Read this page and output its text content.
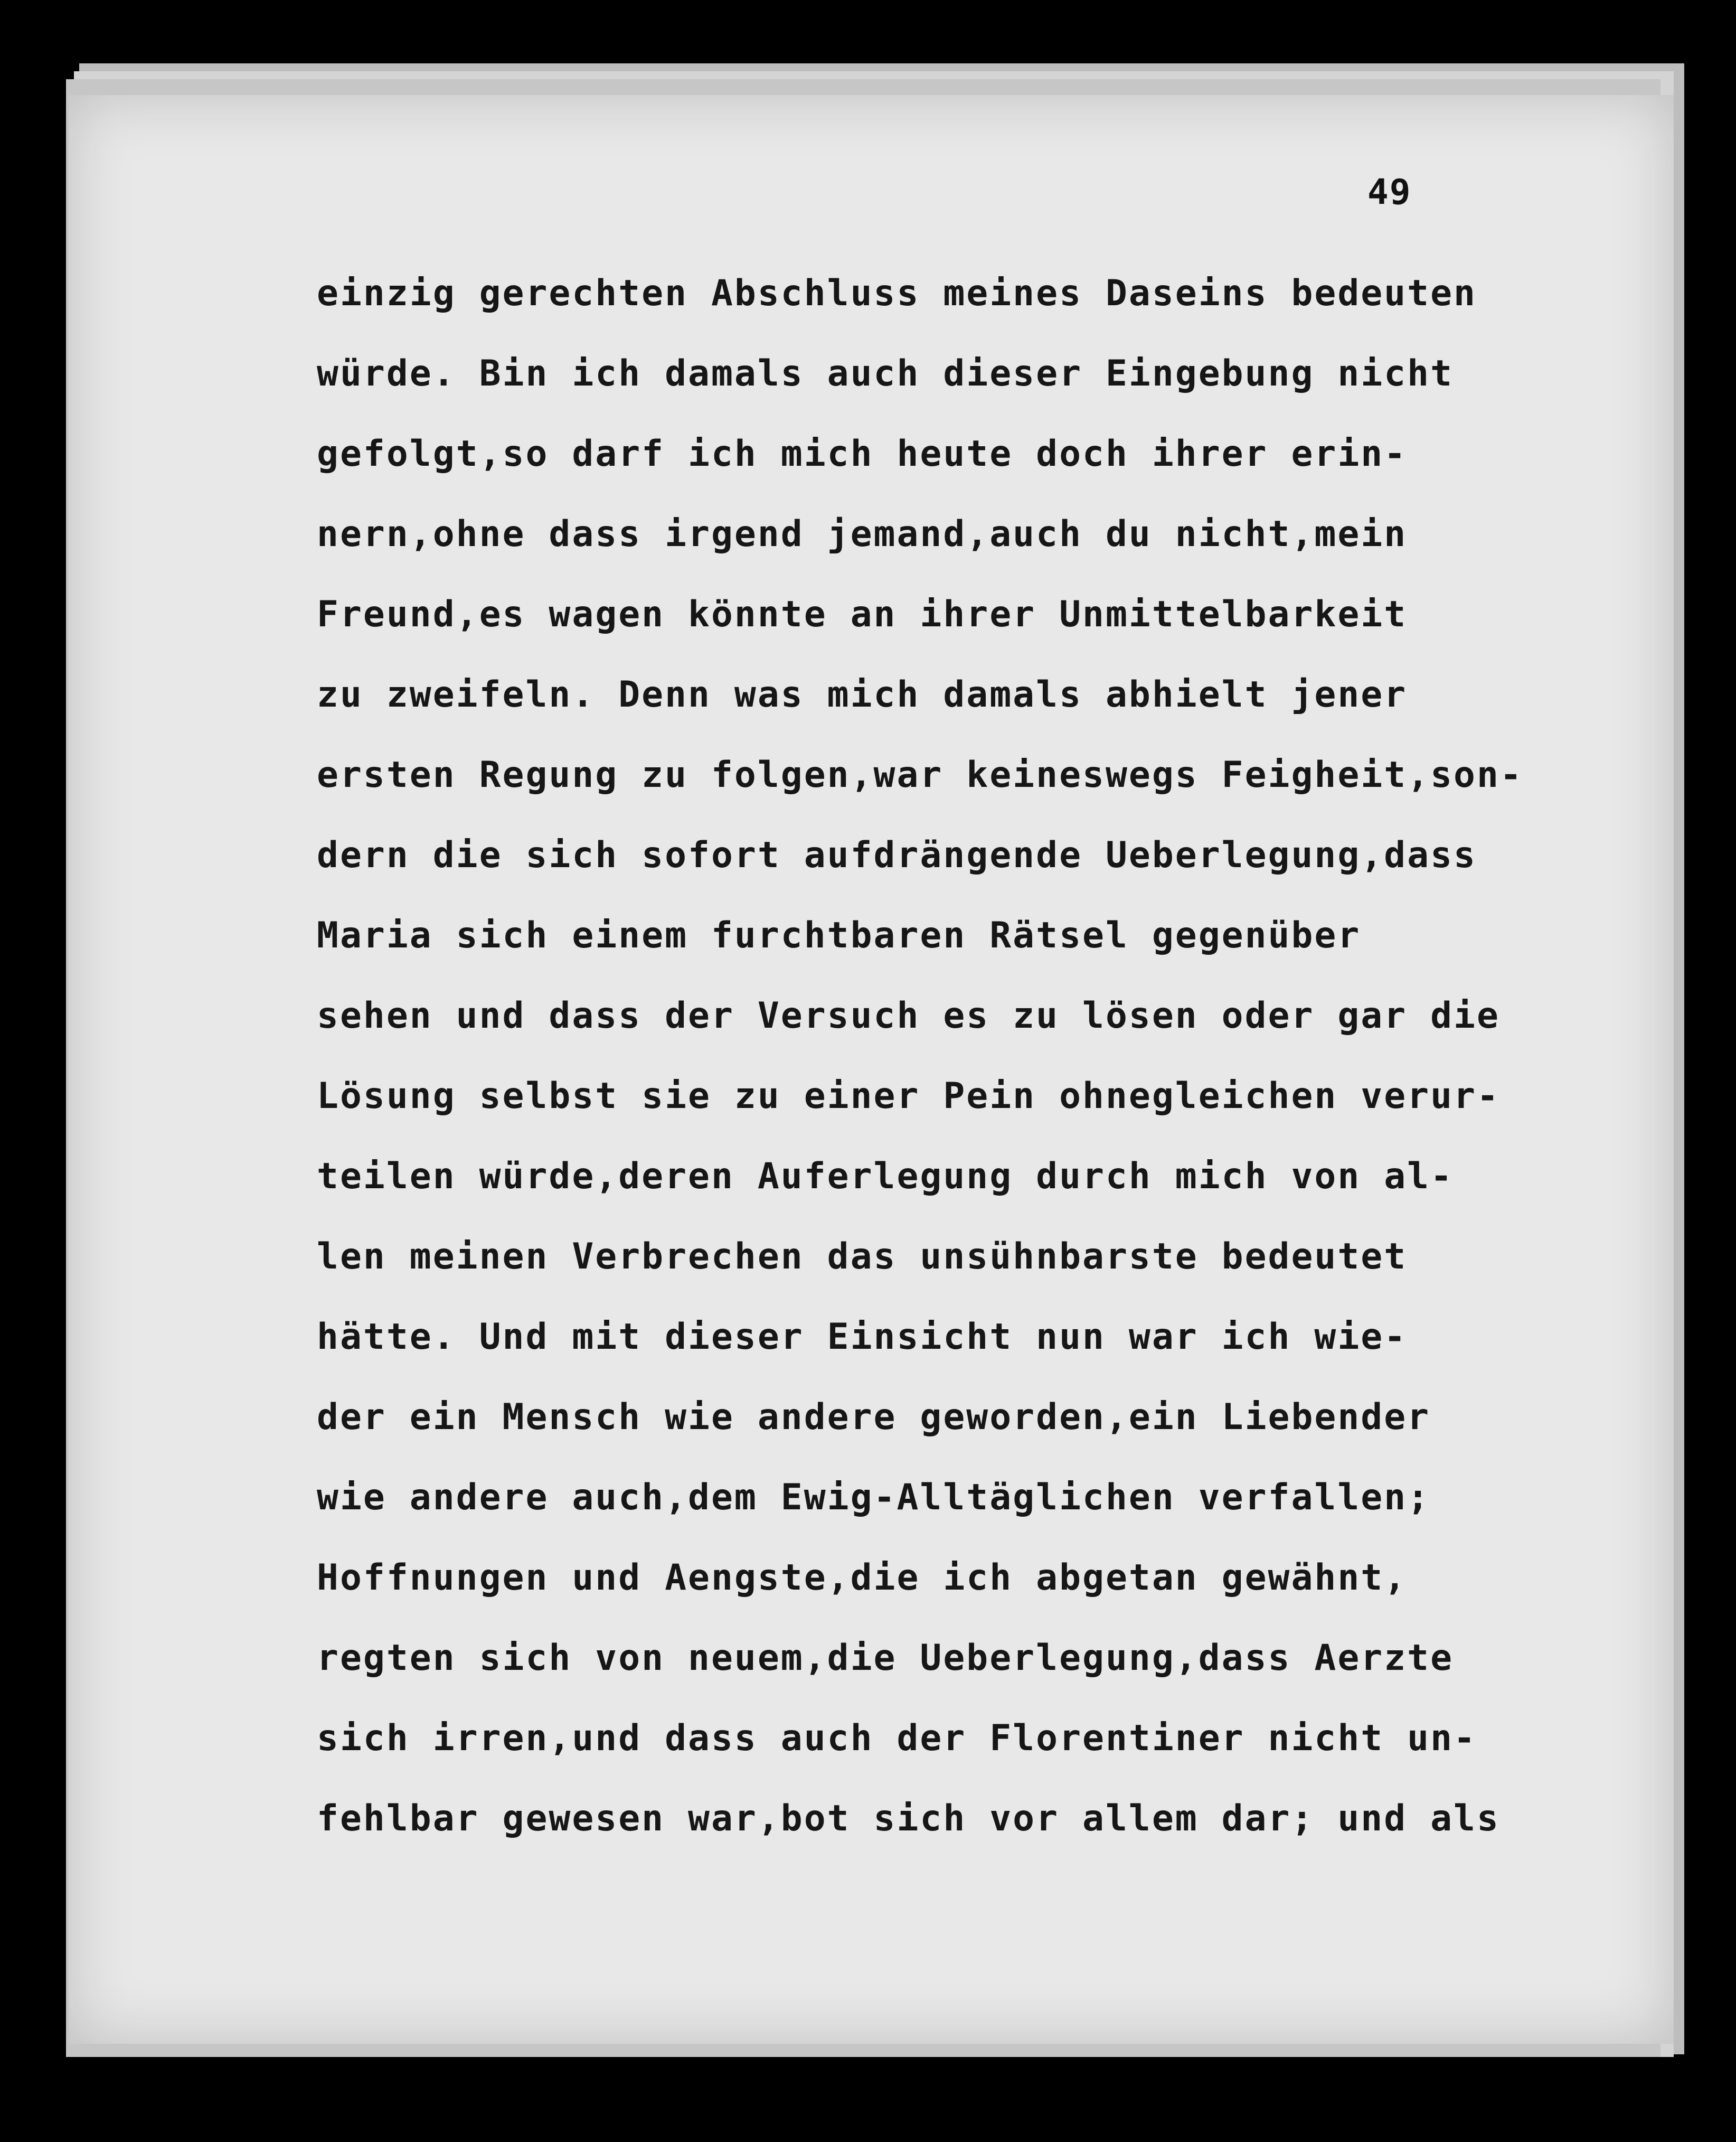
49
einzig gerechten Abschluss meines Daseins bedeuten
würde. Bin ich damals auch dieser Eingebung nicht
gefolgt,so darf ich mich heute doch ihrer erin-
nern,ohne dass irgend jemand,auch du nicht,mein
Freund,es wagen könnte an ihrer Unmittelbarkeit
zu zweifeln. Denn was mich damals abhielt jener
ersten Regung zu folgen,war keineswegs Feigheit,son-
dern die sich sofort aufdrängende Ueberlegung,dass
Maria sich einem furchtbaren Rätsel gegenüber
sehen und dass der Versuch es zu lösen oder gar die
Lösung selbst sie zu einer Pein ohnegleichen verur-
teilen würde,deren Auferlegung durch mich von al-
len meinen Verbrechen das unsühnbarste bedeutet
hätte. Und mit dieser Einsicht nun war ich wie-
der ein Mensch wie andere geworden,ein Liebender
wie andere auch,dem Ewig-Alltäglichen verfallen;
Hoffnungen und Aengste,die ich abgetan gewähnt,
regten sich von neuem,die Ueberlegung,dass Aerzte
sich irren,und dass auch der Florentiner nicht un-
fehlbar gewesen war,bot sich vor allem dar; und als
